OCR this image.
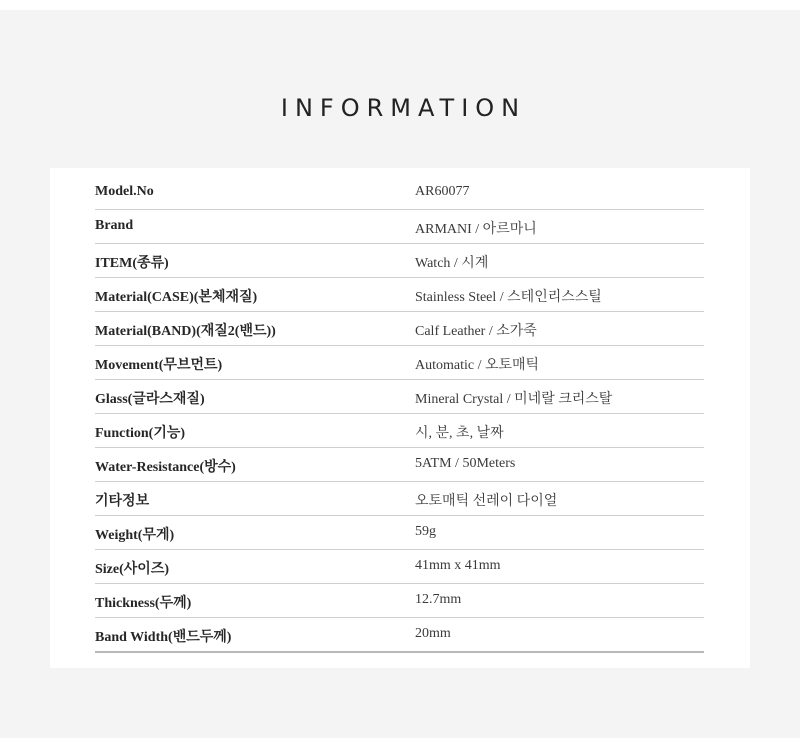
INFORMATION
Model.No	AR60077
Brand	ARMANI / 아르마니
ITEM(종류)	Watch / 시계
Material(CASE)(본체재질)	Stainless Steel / 스테인리스스틸
Material(BAND)(재질2(밴드))	Calf Leather / 소가죽
Movement(무브먼트)	Automatic / 오토매틱
Glass(글라스재질)	Mineral Crystal / 미네랄 크리스탈
Function(기능)	시, 분, 초, 날짜
Water-Resistance(방수)	5ATM / 50Meters
기타정보	오토매틱 선레이 다이얼
Weight(무게)	59g
Size(사이즈)	41mm x 41mm
Thickness(두께)	12.7mm
Band Width(밴드두께)	20mm
